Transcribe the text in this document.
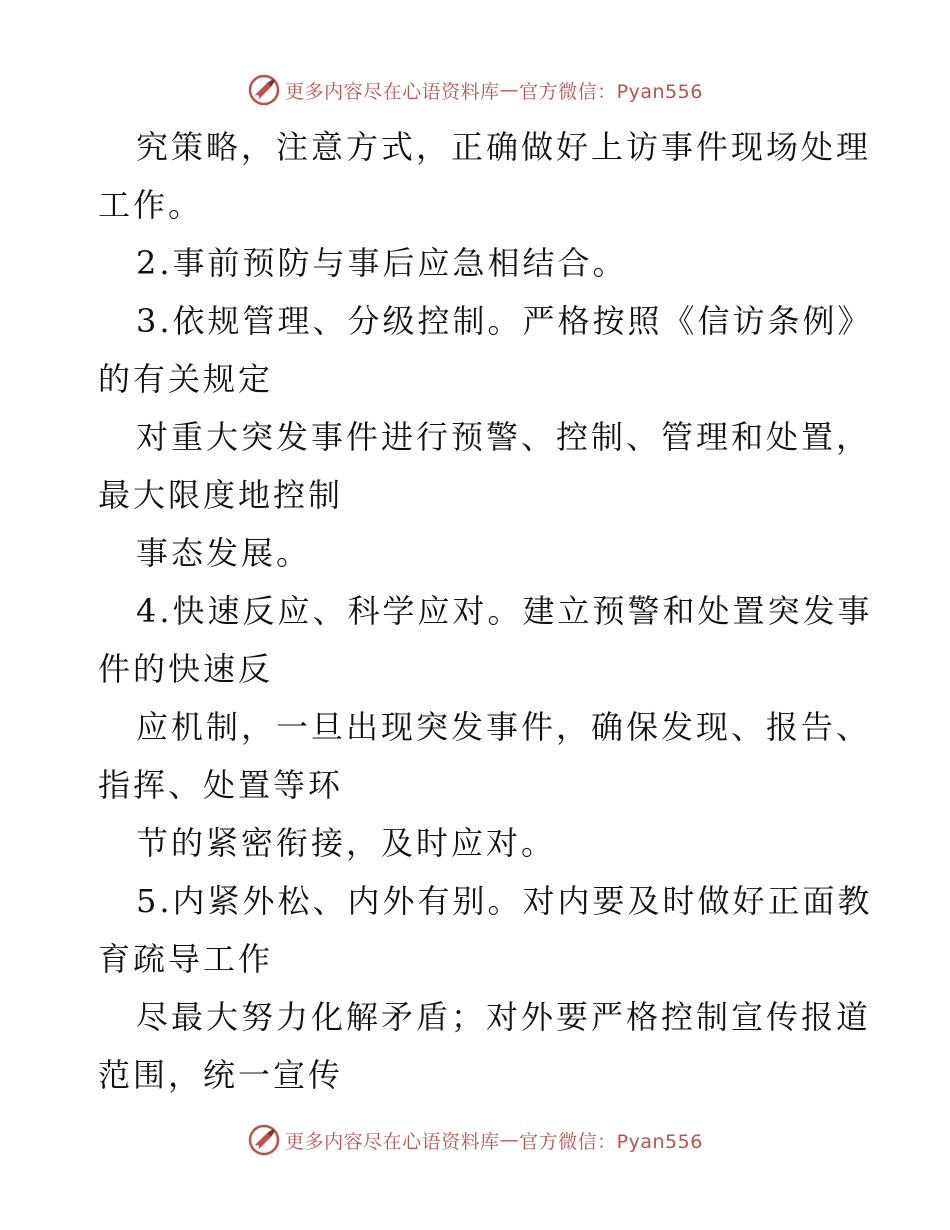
更多内容尽在心语资料库 — 官方微信：Pyan556
究策略，注意方式，正确做好上访事件现场处理
工作。
2.事前预防与事后应急相结合。
3.依规管理、分级控制。严格按照《信访条例》
的有关规定
对重大突发事件进行预警、控制、管理和处置，
最大限度地控制
事态发展。
4.快速反应、科学应对。建立预警和处置突发事
件的快速反
应机制，一旦出现突发事件，确保发现、报告、
指挥、处置等环
节的紧密衔接，及时应对。
5.内紧外松、内外有别。对内要及时做好正面教
育疏导工作
尽最大努力化解矛盾；对外要严格控制宣传报道
范围，统一宣传
更多内容尽在心语资料库 — 官方微信：Pyan556
